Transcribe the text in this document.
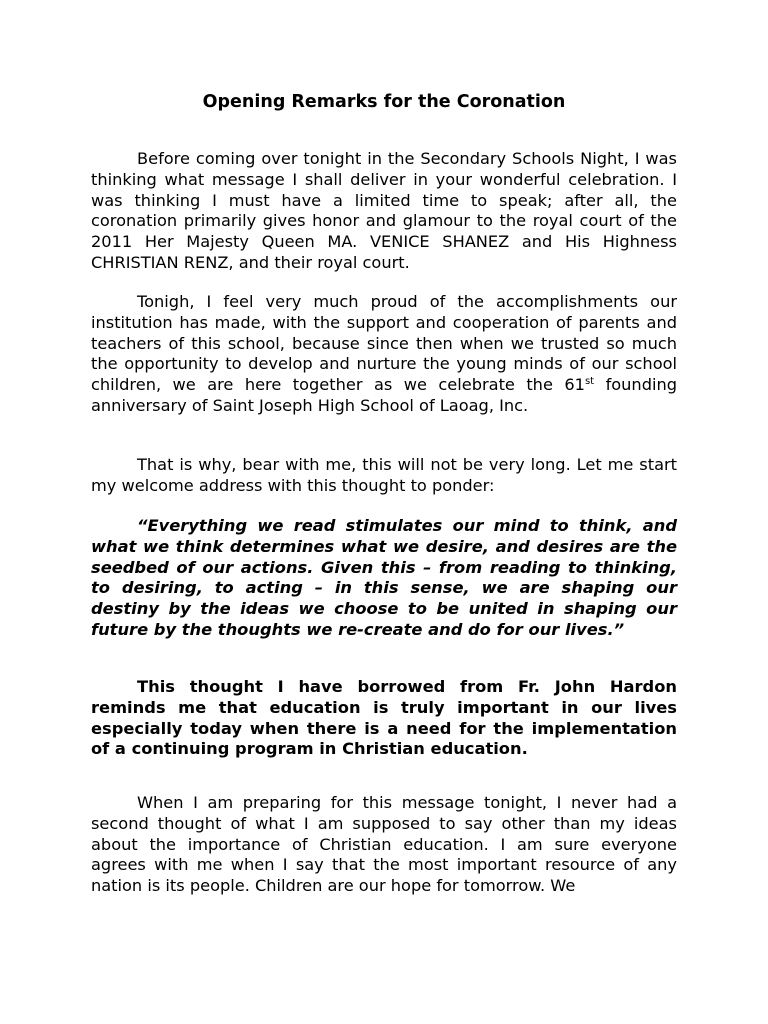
Opening Remarks for the Coronation

Before coming over tonight in the Secondary Schools Night, I was thinking what message I shall deliver in your wonderful celebration. I was thinking I must have a limited time to speak; after all, the coronation primarily gives honor and glamour to the royal court of the 2011 Her Majesty Queen MA. VENICE SHANEZ and His Highness CHRISTIAN RENZ, and their royal court.

Tonigh, I feel very much proud of the accomplishments our institution has made, with the support and cooperation of parents and teachers of this school, because since then when we trusted so much the opportunity to develop and nurture the young minds of our school children, we are here together as we celebrate the 61st founding anniversary of Saint Joseph High School of Laoag, Inc.

That is why, bear with me, this will not be very long. Let me start my welcome address with this thought to ponder:

“Everything we read stimulates our mind to think, and what we think determines what we desire, and desires are the seedbed of our actions. Given this – from reading to thinking, to desiring, to acting – in this sense, we are shaping our destiny by the ideas we choose to be united in shaping our future by the thoughts we re-create and do for our lives.”

This thought I have borrowed from Fr. John Hardon reminds me that education is truly important in our lives especially today when there is a need for the implementation of a continuing program in Christian education.

When I am preparing for this message tonight, I never had a second thought of what I am supposed to say other than my ideas about the importance of Christian education. I am sure everyone agrees with me when I say that the most important resource of any nation is its people. Children are our hope for tomorrow. We
